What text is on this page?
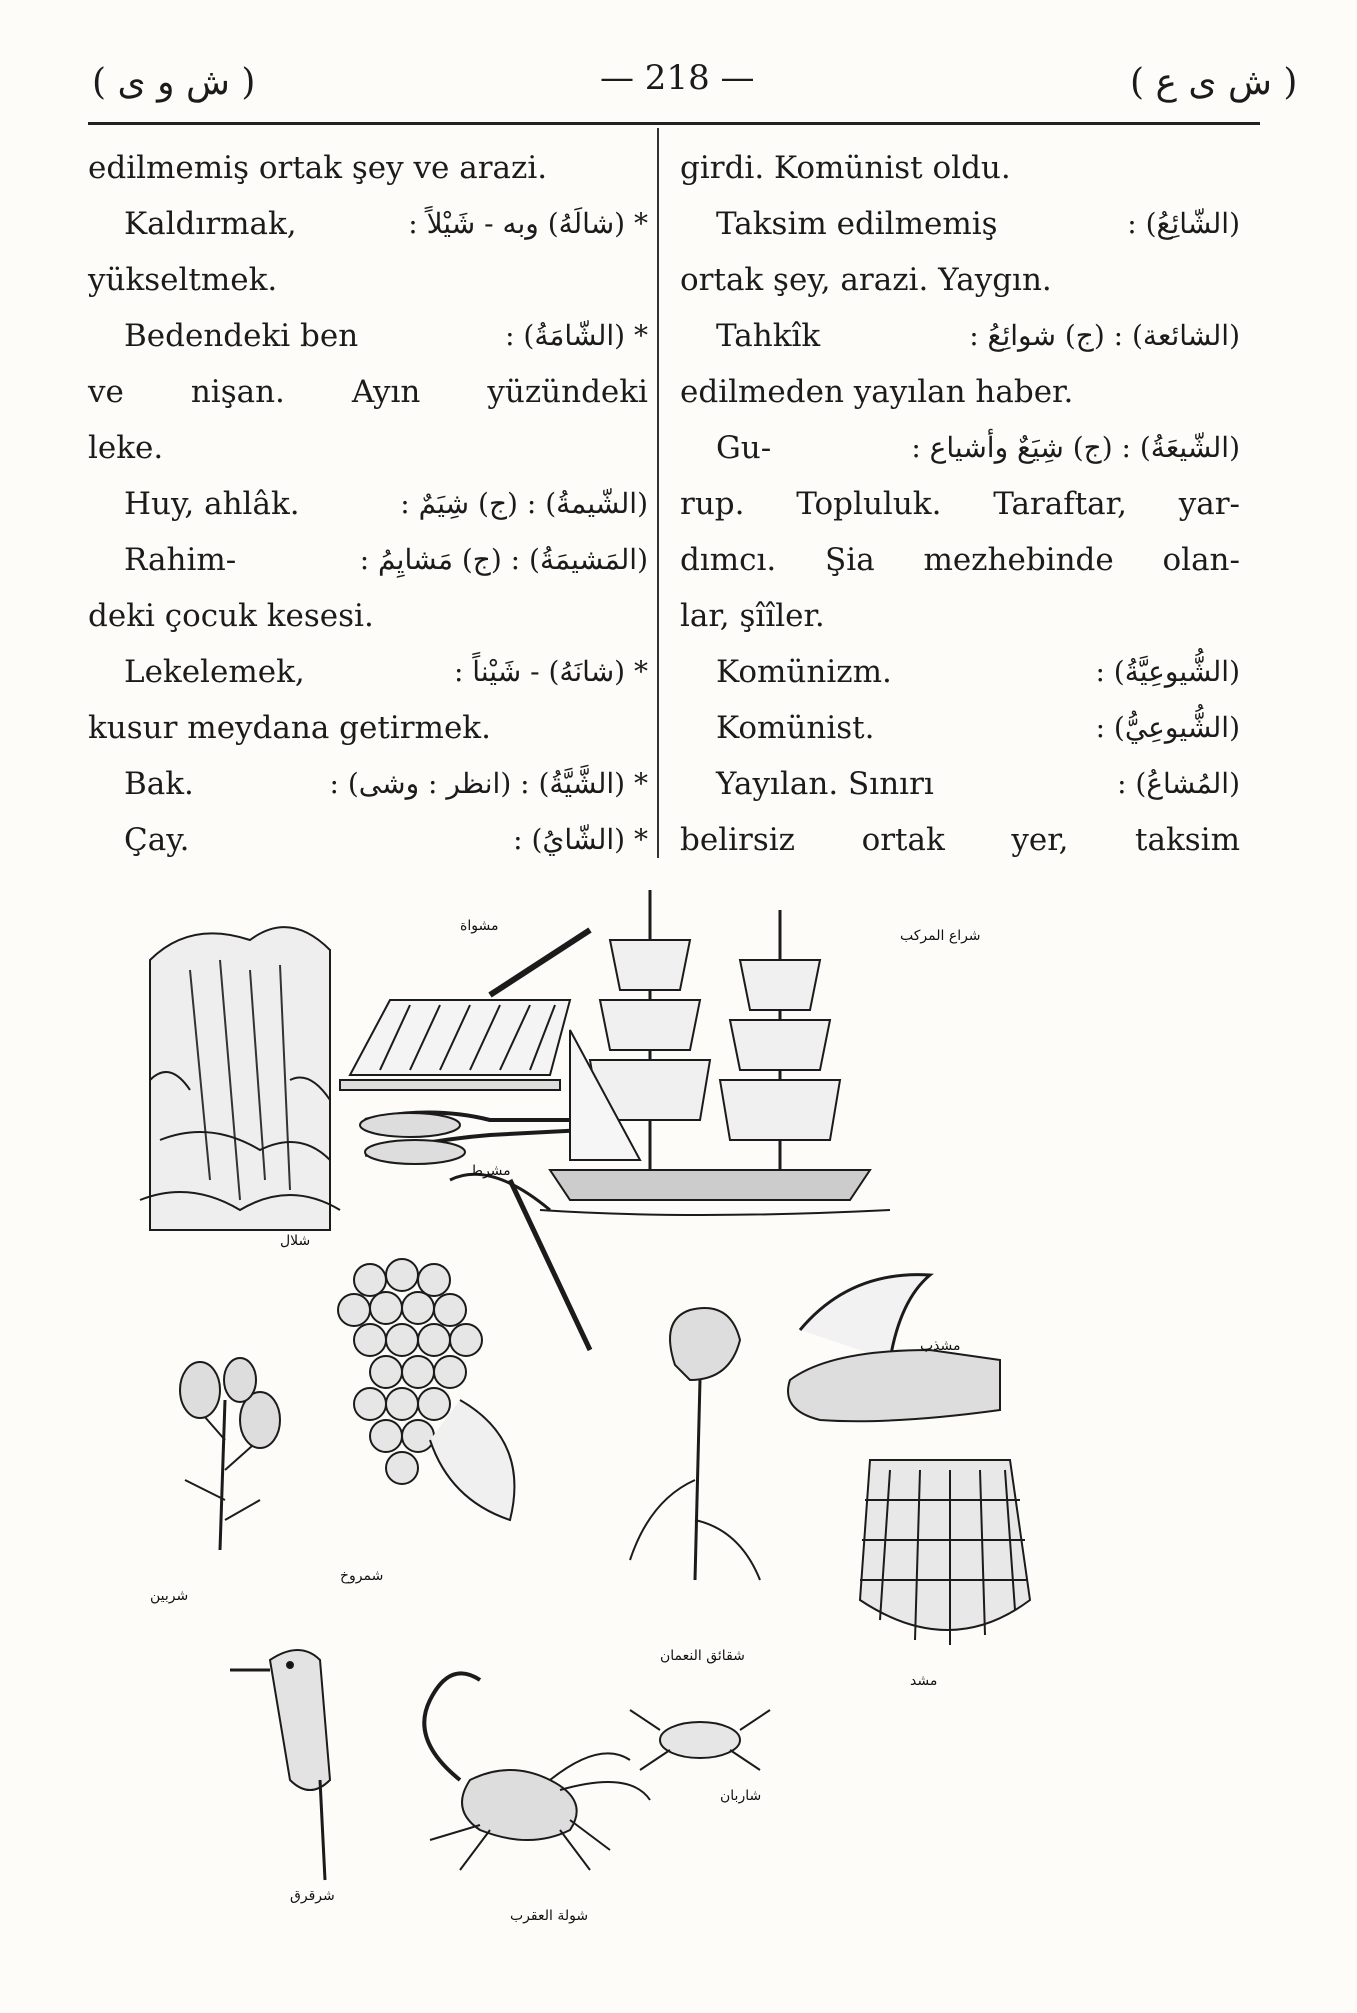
( ش و ى )	— 218 —	( ش ى ع )
edilmemiş ortak şey ve arazi.
Kaldırmak,	* (شالَهُ) وبه - شَيْلاً :
yükseltmek.
Bedendeki ben	* (الشّامَةُ) :
ve nişan. Ayın yüzündeki
leke.
Huy, ahlâk.	(الشّيمةُ) : (ج) شِيَمٌ :
Rahim-	(المَشيمَةُ) : (ج) مَشايِمُ :
deki çocuk kesesi.
Lekelemek,	* (شانَهُ) - شَيْناً :
kusur meydana getirmek.
Bak.	* (الشَّيَّةُ) : (انظر : وشى) :
Çay.	* (الشّايُ) :
girdi. Komünist oldu.
Taksim edilmemiş	(الشّائِعُ) :
ortak şey, arazi. Yaygın.
Tahkîk	(الشائعة) : (ج) شوائِعُ :
edilmeden yayılan haber.
Gu-	(الشّيعَةُ) : (ج) شِيَعٌ وأشياع :
rup. Topluluk. Taraftar, yar-
dımcı. Şia mezhebinde olan-
lar, şîîler.
Komünizm.	(الشُّيوعِيَّةُ) :
Komünist.	(الشُّيوعِيُّ) :
Yayılan. Sınırı	(المُشاعُ) :
belirsiz ortak yer, taksim
شلال
مشواة
شراع المركب
مشرط
شربين
شمروخ
مشذب
شقائق النعمان
شرقرق
شولة العقرب
شاربان
مشد
